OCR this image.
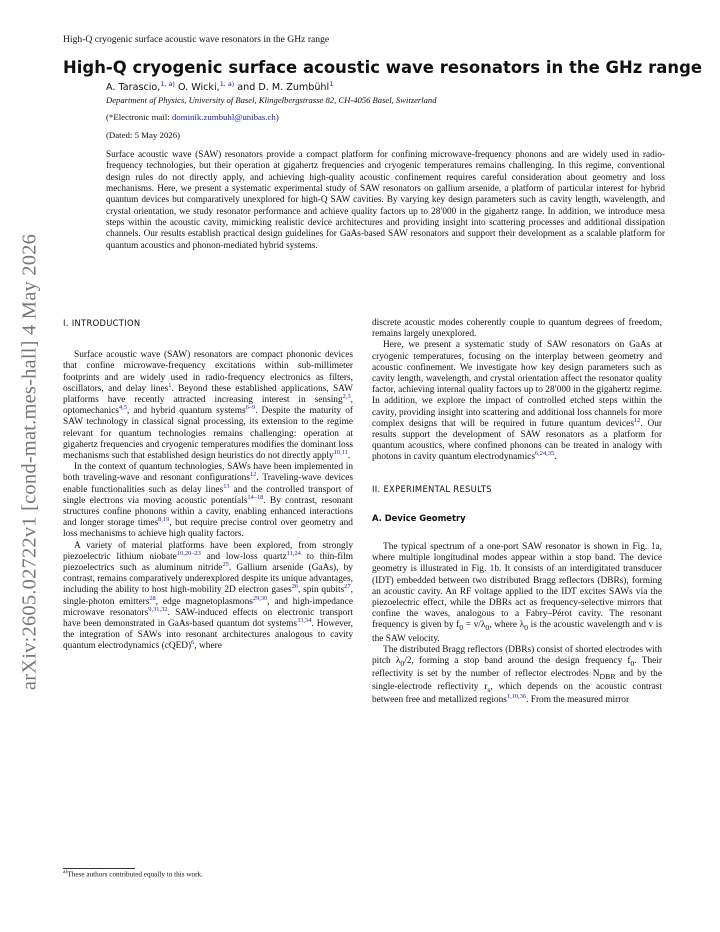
High-Q cryogenic surface acoustic wave resonators in the GHz range
High-Q cryogenic surface acoustic wave resonators in the GHz range
A. Tarascio,$^{1, a)}$ O. Wicki,$^{1, a)}$ and D. M. Zumbühl$^1$
Department of Physics, University of Basel, Klingelbergstrasse 82, CH-4056 Basel, Switzerland
(*Electronic mail: dominik.zumbuhl@unibas.ch)
(Dated: 5 May 2026)
Surface acoustic wave (SAW) resonators provide a compact platform for confining microwave-frequency phonons and are widely used in radio-frequency technologies, but their operation at gigahertz frequencies and cryogenic temperatures remains challenging. In this regime, conventional design rules do not directly apply, and achieving high-quality acoustic confinement requires careful consideration about geometry and loss mechanisms. Here, we present a systematic experimental study of SAW resonators on gallium arsenide, a platform of particular interest for hybrid quantum devices but comparatively unexplored for high-Q SAW cavities. By varying key design parameters such as cavity length, wavelength, and crystal orientation, we study resonator performance and achieve quality factors up to 28′000 in the gigahertz range. In addition, we introduce mesa steps within the acoustic cavity, mimicking realistic device architectures and providing insight into scattering processes and additional dissipation channels. Our results establish practical design guidelines for GaAs-based SAW resonators and support their development as a scalable platform for quantum acoustics and phonon-mediated hybrid systems.

I. INTRODUCTION

Surface acoustic wave (SAW) resonators are compact phononic devices that confine microwave-frequency excitations within sub-millimeter footprints and are widely used in radio-frequency electronics as filters, oscillators, and delay lines$^1$. Beyond these established applications, SAW platforms have recently attracted increasing interest in sensing$^{2,3}$, optomechanics$^{4,5}$, and hybrid quantum systems$^{6-9}$. Despite the maturity of SAW technology in classical signal processing, its extension to the regime relevant for quantum technologies remains challenging: operation at gigahertz frequencies and cryogenic temperatures modifies the dominant loss mechanisms such that established design heuristics do not directly apply$^{10,11}$.

In the context of quantum technologies, SAWs have been implemented in both traveling-wave and resonant configurations$^{12}$. Traveling-wave devices enable functionalities such as delay lines$^{13}$ and the controlled transport of single electrons via moving acoustic potentials$^{14-18}$. By contrast, resonant structures confine phonons within a cavity, enabling enhanced interactions and longer storage times$^{8,19}$, but require precise control over geometry and loss mechanisms to achieve high quality factors.

A variety of material platforms have been explored, from strongly piezoelectric lithium niobate$^{10,20-23}$ and low-loss quartz$^{11,24}$ to thin-film piezoelectrics such as aluminum nitride$^{25}$. Gallium arsenide (GaAs), by contrast, remains comparatively underexplored despite its unique advantages, including the ability to host high-mobility 2D electron gases$^{26}$, spin qubits$^{27}$, single-photon emitters$^{28}$, edge magnetoplasmons$^{29,30}$, and high-impedance microwave resonators$^{9,31,32}$. SAW-induced effects on electronic transport have been demonstrated in GaAs-based quantum dot systems$^{33,34}$. However, the integration of SAWs into resonant architectures analogous to cavity quantum electrodynamics (cQED)$^6$, where

discrete acoustic modes coherently couple to quantum degrees of freedom, remains largely unexplored.

Here, we present a systematic study of SAW resonators on GaAs at cryogenic temperatures, focusing on the interplay between geometry and acoustic confinement. We investigate how key design parameters such as cavity length, wavelength, and crystal orientation affect the resonator quality factor, achieving internal quality factors up to 28′000 in the gigahertz regime. In addition, we explore the impact of controlled etched steps within the cavity, providing insight into scattering and additional loss channels for more complex designs that will be required in future quantum devices$^{12}$. Our results support the development of SAW resonators as a platform for quantum acoustics, where confined phonons can be treated in analogy with photons in cavity quantum electrodynamics$^{6,24,35}$.

II. EXPERIMENTAL RESULTS

A. Device Geometry

The typical spectrum of a one-port SAW resonator is shown in Fig. 1a, where multiple longitudinal modes appear within a stop band. The device geometry is illustrated in Fig. 1b. It consists of an interdigitated transducer (IDT) embedded between two distributed Bragg reflectors (DBRs), forming an acoustic cavity. An RF voltage applied to the IDT excites SAWs via the piezoelectric effect, while the DBRs act as frequency-selective mirrors that confine the waves, analogous to a Fabry–Pérot cavity. The resonant frequency is given by $f_0 = v/\lambda_0$, where $\lambda_0$ is the acoustic wavelength and v is the SAW velocity.

The distributed Bragg reflectors (DBRs) consist of shorted electrodes with pitch $\lambda_0/2$, forming a stop band around the design frequency $f_0$. Their reflectivity is set by the number of reflector electrodes $N_{DBR}$ and by the single-electrode reflectivity $r_s$, which depends on the acoustic contrast between free and metallized regions$^{1,10,36}$. From the measured mirror

$^{a)}$These authors contributed equally to this work.
arXiv:2605.02722v1 [cond-mat.mes-hall] 4 May 2026
